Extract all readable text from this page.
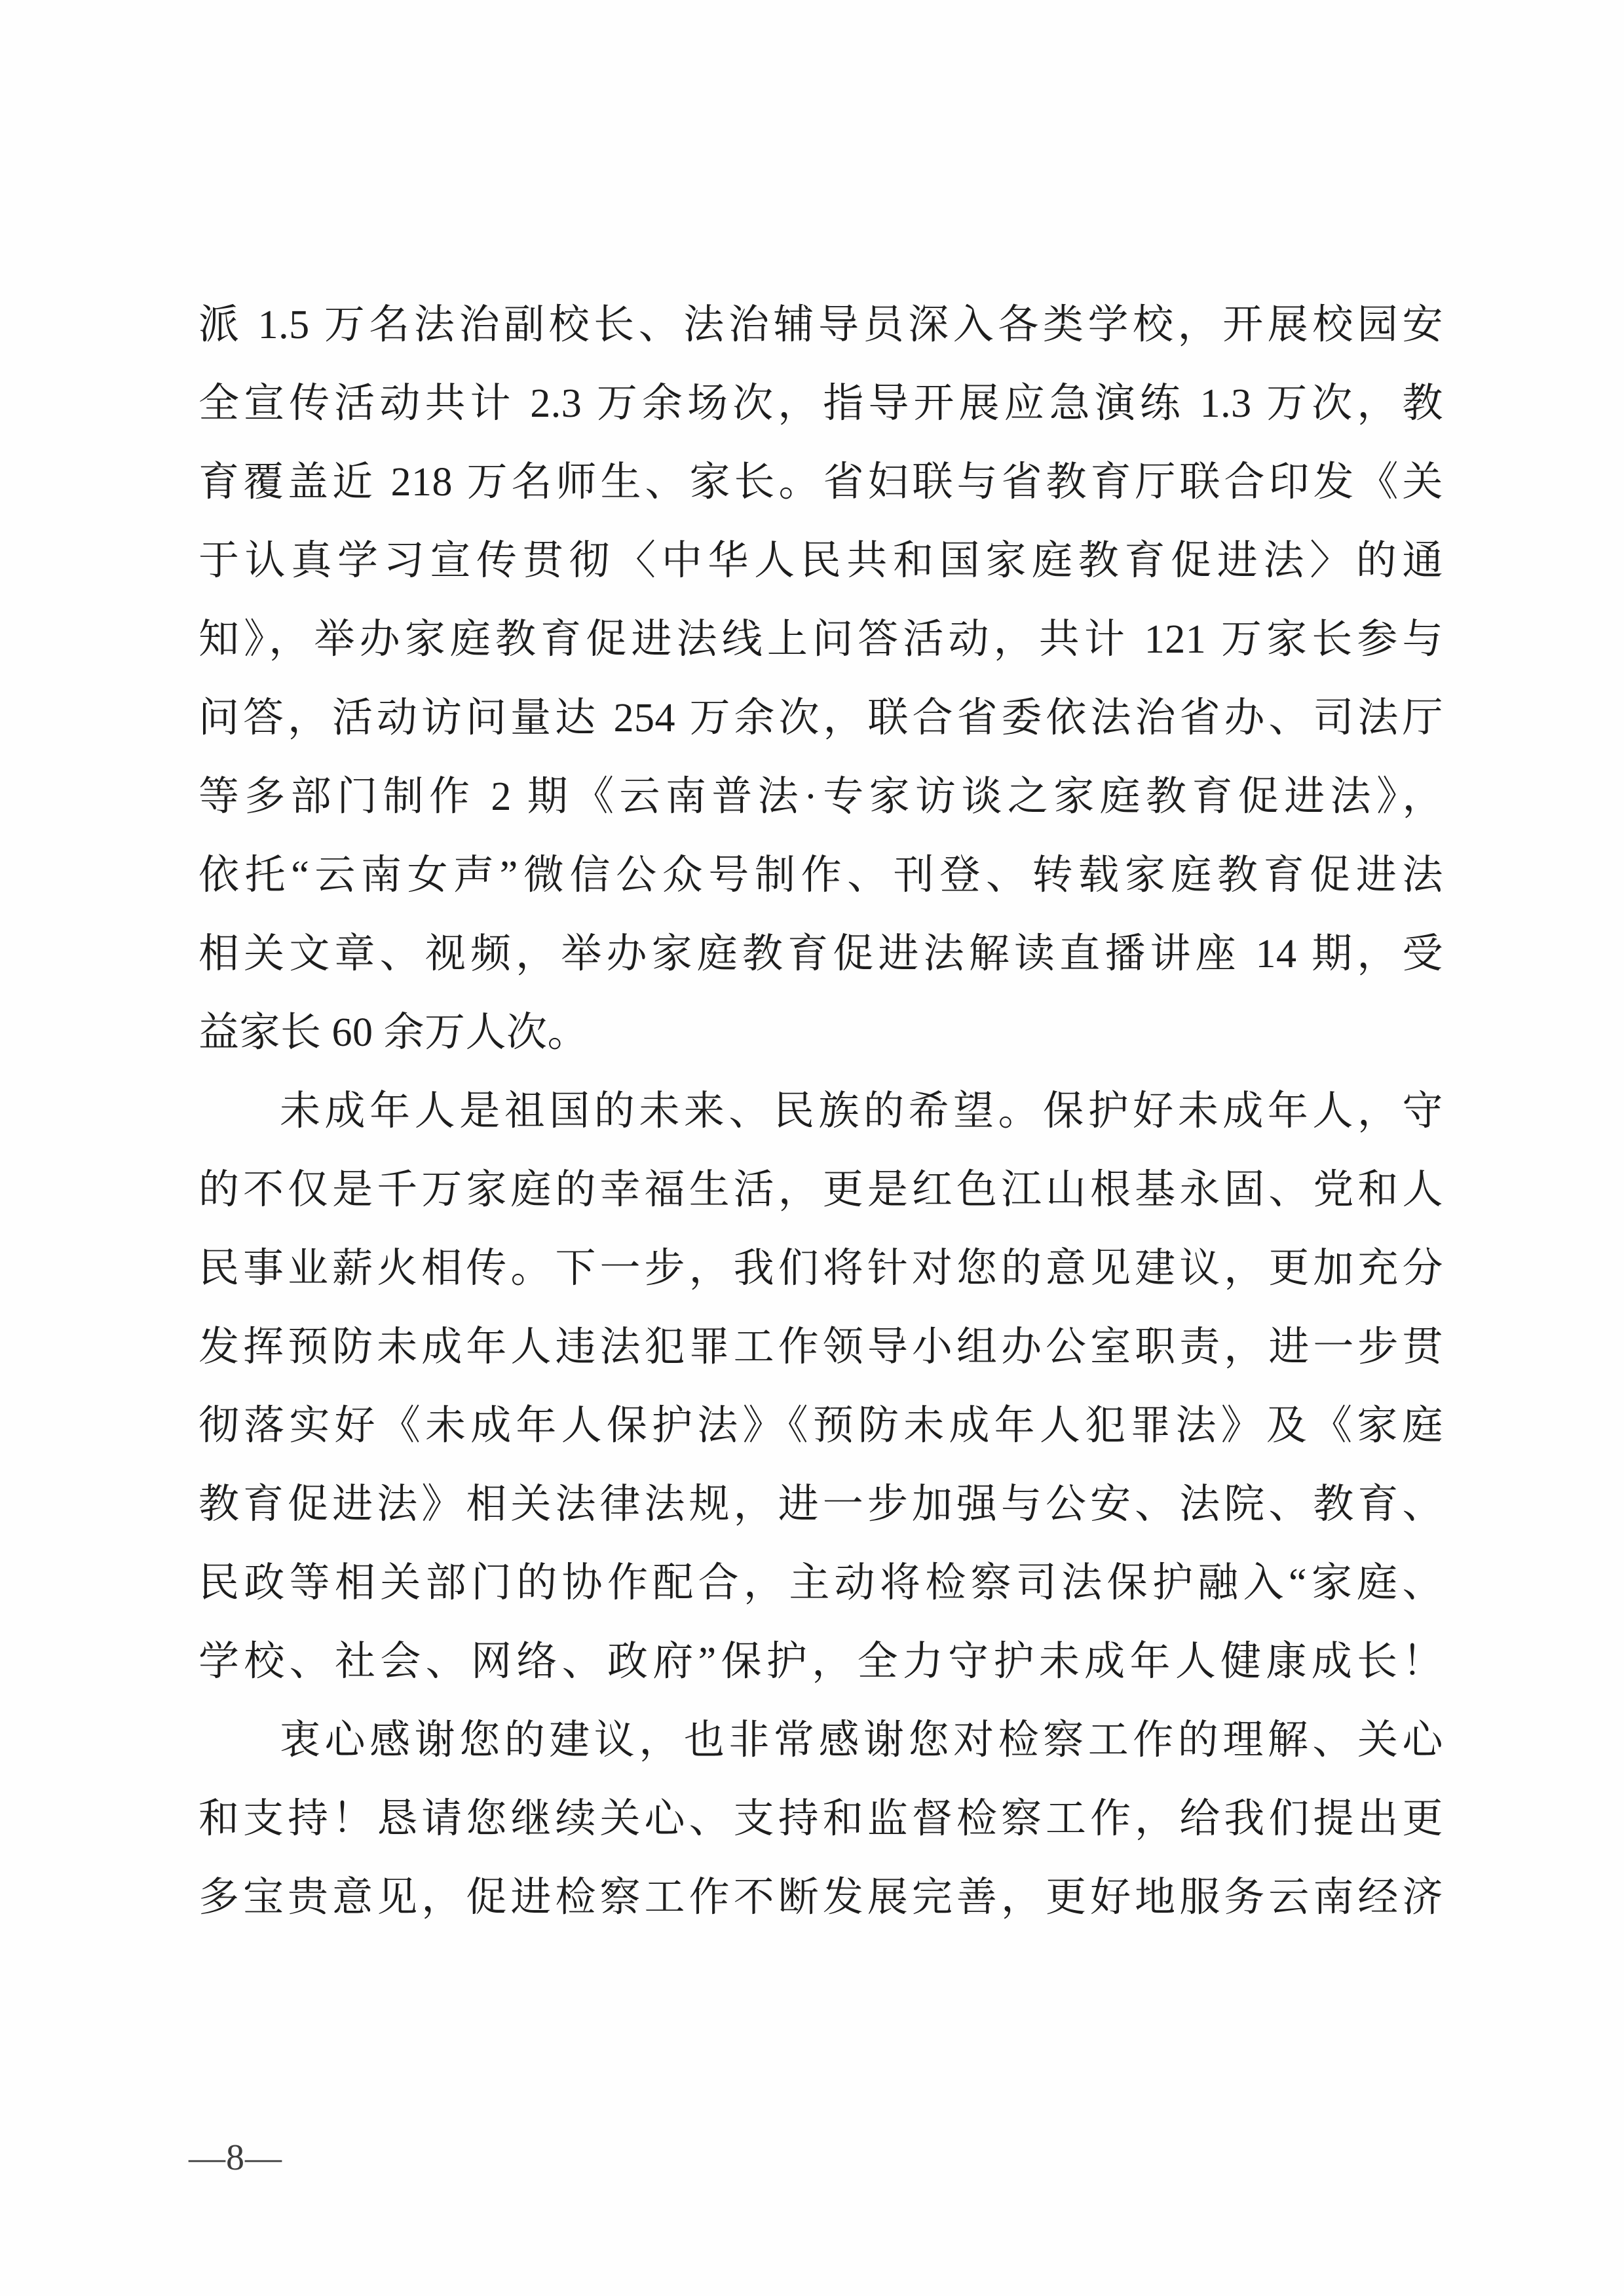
派 1.5 万名法治副校长、法治辅导员深入各类学校，开展校园安
全宣传活动共计 2.3 万余场次，指导开展应急演练 1.3 万次，教
育覆盖近 218 万名师生、家长。省妇联与省教育厅联合印发《关
于认真学习宣传贯彻〈中华人民共和国家庭教育促进法〉的通
知》，举办家庭教育促进法线上问答活动，共计 121 万家长参与
问答，活动访问量达 254 万余次，联合省委依法治省办、司法厅
等多部门制作 2 期《云南普法·专家访谈之家庭教育促进法》，
依托“云南女声”微信公众号制作、刊登、转载家庭教育促进法
相关文章、视频，举办家庭教育促进法解读直播讲座 14 期，受
益家长 60 余万人次。
未成年人是祖国的未来、民族的希望。保护好未成年人，守
的不仅是千万家庭的幸福生活，更是红色江山根基永固、党和人
民事业薪火相传。下一步，我们将针对您的意见建议，更加充分
发挥预防未成年人违法犯罪工作领导小组办公室职责，进一步贯
彻落实好《未成年人保护法》《预防未成年人犯罪法》及《家庭
教育促进法》相关法律法规，进一步加强与公安、法院、教育、
民政等相关部门的协作配合，主动将检察司法保护融入“家庭、
学校、社会、网络、政府”保护，全力守护未成年人健康成长！
衷心感谢您的建议，也非常感谢您对检察工作的理解、关心
和支持！恳请您继续关心、支持和监督检察工作，给我们提出更
多宝贵意见，促进检察工作不断发展完善，更好地服务云南经济
—8—
